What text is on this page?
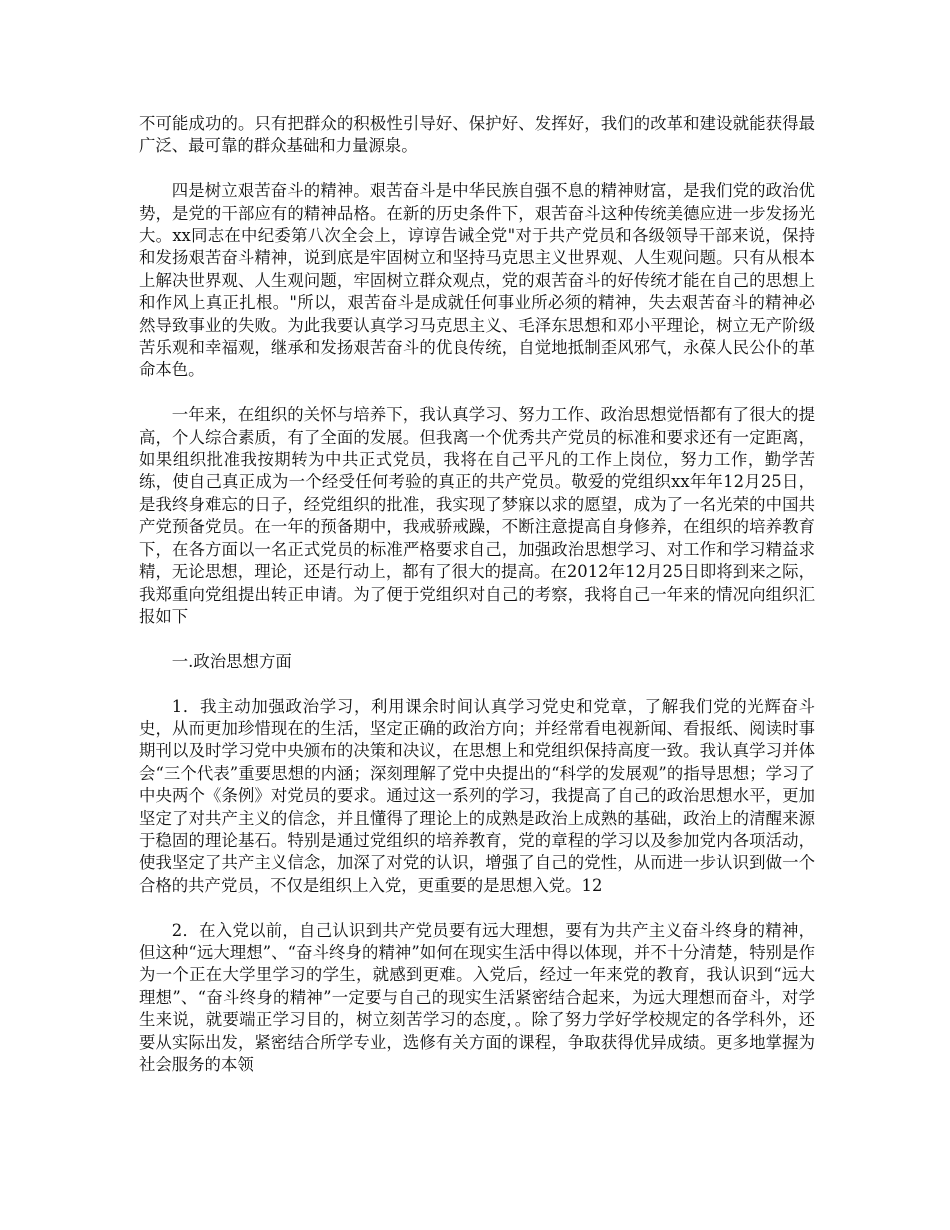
不可能成功的。只有把群众的积极性引导好、保护好、发挥好，我们的改革和建设就能获得最广泛、最可靠的群众基础和力量源泉。

四是树立艰苦奋斗的精神。艰苦奋斗是中华民族自强不息的精神财富，是我们党的政治优势，是党的干部应有的精神品格。在新的历史条件下，艰苦奋斗这种传统美德应进一步发扬光大。xx同志在中纪委第八次全会上，谆谆告诫全党"对于共产党员和各级领导干部来说，保持和发扬艰苦奋斗精神，说到底是牢固树立和坚持马克思主义世界观、人生观问题。只有从根本上解决世界观、人生观问题，牢固树立群众观点，党的艰苦奋斗的好传统才能在自己的思想上和作风上真正扎根。"所以，艰苦奋斗是成就任何事业所必须的精神，失去艰苦奋斗的精神必然导致事业的失败。为此我要认真学习马克思主义、毛泽东思想和邓小平理论，树立无产阶级苦乐观和幸福观，继承和发扬艰苦奋斗的优良传统，自觉地抵制歪风邪气，永葆人民公仆的革命本色。

一年来，在组织的关怀与培养下，我认真学习、努力工作、政治思想觉悟都有了很大的提高，个人综合素质，有了全面的发展。但我离一个优秀共产党员的标准和要求还有一定距离，如果组织批准我按期转为中共正式党员，我将在自己平凡的工作上岗位，努力工作，勤学苦练，使自己真正成为一个经受任何考验的真正的共产党员。敬爱的党组织xx年年12月25日，是我终身难忘的日子，经党组织的批准，我实现了梦寐以求的愿望，成为了一名光荣的中国共产党预备党员。在一年的预备期中，我戒骄戒躁，不断注意提高自身修养，在组织的培养教育下，在各方面以一名正式党员的标准严格要求自己，加强政治思想学习、对工作和学习精益求精，无论思想，理论，还是行动上，都有了很大的提高。在2012年12月25日即将到来之际，我郑重向党组提出转正申请。为了便于党组织对自己的考察，我将自己一年来的情况向组织汇报如下

一.政治思想方面

1．我主动加强政治学习，利用课余时间认真学习党史和党章，了解我们党的光辉奋斗史，从而更加珍惜现在的生活，坚定正确的政治方向；并经常看电视新闻、看报纸、阅读时事期刊以及时学习党中央颁布的决策和决议，在思想上和党组织保持高度一致。我认真学习并体会“三个代表”重要思想的内涵；深刻理解了党中央提出的“科学的发展观”的指导思想；学习了中央两个《条例》对党员的要求。通过这一系列的学习，我提高了自己的政治思想水平，更加坚定了对共产主义的信念，并且懂得了理论上的成熟是政治上成熟的基础，政治上的清醒来源于稳固的理论基石。特别是通过党组织的培养教育，党的章程的学习以及参加党内各项活动，使我坚定了共产主义信念，加深了对党的认识，增强了自己的党性，从而进一步认识到做一个合格的共产党员，不仅是组织上入党，更重要的是思想入党。12

2．在入党以前，自己认识到共产党员要有远大理想，要有为共产主义奋斗终身的精神，但这种“远大理想”、“奋斗终身的精神”如何在现实生活中得以体现，并不十分清楚，特别是作为一个正在大学里学习的学生，就感到更难。入党后，经过一年来党的教育，我认识到“远大理想”、“奋斗终身的精神”一定要与自己的现实生活紧密结合起来，为远大理想而奋斗，对学生来说，就要端正学习目的，树立刻苦学习的态度，。除了努力学好学校规定的各学科外，还要从实际出发，紧密结合所学专业，选修有关方面的课程，争取获得优异成绩。更多地掌握为社会服务的本领
